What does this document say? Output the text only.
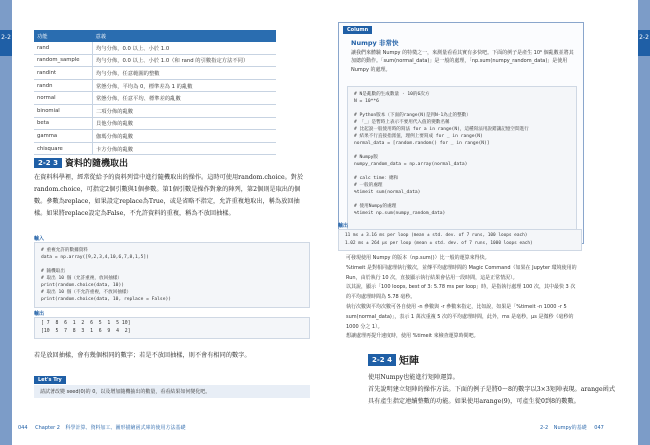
2-2	2-2
功能	意義
rand	均勻分佈，0.0 以上、小於 1.0
random_sample	均勻分佈，0.0 以上、小於 1.0（和 rand 的引數指定方法不同）
randint	均勻分佈，任意範圍的整數
randn	常態分佈，平均為 0，標準差為 1 的亂數
normal	常態分佈，任意平均、標準差的亂數
binomial	二項分佈的亂數
beta	貝他分佈的亂數
gamma	伽瑪分佈的亂數
chisquare	卡方分佈的亂數
2-2 3 資料的隨機取出
在資料科學裡，經常從給予的資料列當中進行隨機取出的操作。這時可使用random.choice。對於random.choice，可指定2個引數與1個參數。第1個引數是操作對象的陣列，第2個則是取出的個數。參數為replace，如果設定replace為True，或是省略不指定，允許重複地取出，稱為放回抽樣。如果將replace設定為False，不允許資料的重複，稱為不放回抽樣。
輸入
# 重複允許的數據資料
data = np.array([9,2,3,4,10,6,7,8,1,5])

# 隨機取出
# 取出 10 個（允許重複，放回抽樣）
print(random.choice(data, 10))
# 取出 10 個（不允許重複，不放回抽樣）
print(random.choice(data, 10, replace = False))
輸出
[ 7  8  6  1  2  6  5  1  5 10]
[10  5  7  8  3  1  6  9  4  2]
若是放回抽樣，會有幾個相同的數字；若是不放回抽樣，則不會有相同的數字。
Let's Try
請試著改變 seed(0)的 0，以及增加隨機抽出的數量，看看結果如何變化吧。
044 Chapter 2 科學計算、資料加工、圖形描繪函式庫的使用方法基礎
Column
Numpy 非常快
讓我們來體驗 Numpy 的特徵之一，來測量看看其實有多快吧。下面的例子是產生 10⁶ 個亂數並將其加總的動作。「sum(normal_data)」是一般的處理，「np.sum(numpy_random_data)」是使用 Numpy 的處理。
# N是亂數的生成數量 · 10的6次方
N = 10**6

# Python版本（下面的range(N)是到N-1為止的整數）
# 「_」是暫時上表示不要用代入值的變數名稱
# 比起說一般使用時的寫法 for a in range(N)，這種寫法用說錯讓記憶空間進行
# 結果不行直接指派值，理例上要寫成 for _ in range(N)
normal_data = [random.random() for _ in range(N)]

# Numpy版
numpy_random_data = np.array(normal_data)

# calc time：總和
# 一般的處理
%timeit sum(normal_data)

# 使用Numpy的處理
%timeit np.sum(numpy_random_data)
輸出
11 ms ± 3.16 ms per loop (mean ± std. dev. of 7 runs, 100 loops each)
1.02 ms ± 264 µs per loop (mean ± std. dev. of 7 runs, 1000 loops each)
可發現使用 Numpy 的版本（np.sum()）比一般的運算來得快。
%timeit 是對相同處理執行數次，並傳平均處理時間的 Magic Command（如果在 Jupyter 環境使用的 Run，由於執行 10 次，直接顯示執行結果會佔用一段時間，這是正常情況）。
以其說，顯示「100 loops, best of 3: 5.78 ms per loop」時，是指執行處理 100 次，其中最快 3 次的平均處理時間為 5.78 毫秒。
執行次數與平均次數可各自使用 -n 參數與 -r 參數來指定，比如說，如果是「%timeit -n 1000 -r 5 sum(normal_data)」，表示 1 萬次重複 5 次的平均處理時間，此外，ms 是毫秒，µs 是微秒（毫秒的 1000 分之 1）。
想讓處理再提升速度時，使用 %timeit 來檢查運算時間吧。
2-2 4 矩陣
使用Numpy也能進行矩陣運算。
首先說明建立矩陣的操作方法。下面的例子是將0～8的數字以3×3矩陣表現。arange函式具有產生指定連續整數的功能。如果使用arange(9)，可產生從0到8的數數。
2-2 Numpy的基礎 047
